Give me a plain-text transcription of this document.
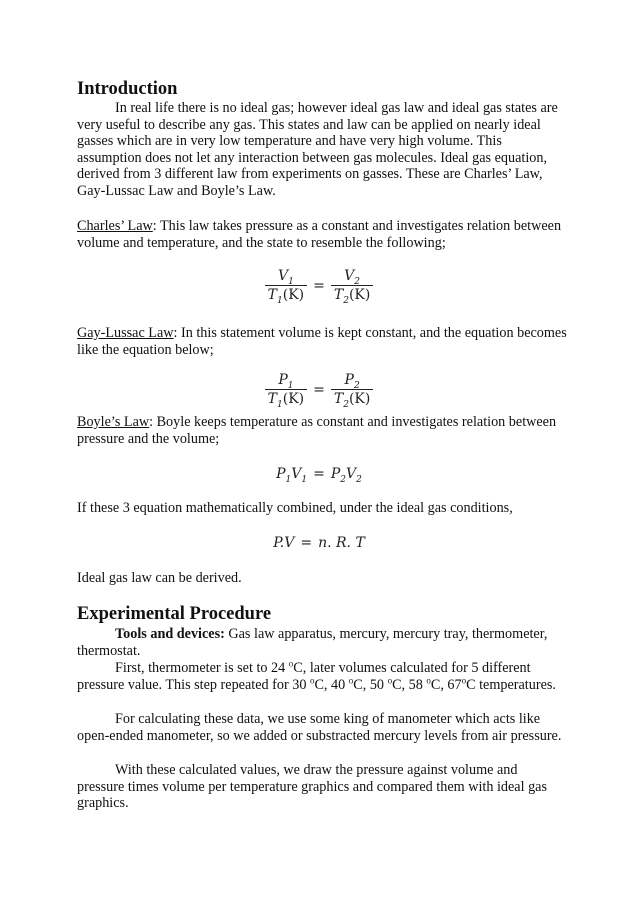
Introduction

In real life there is no ideal gas; however ideal gas law and ideal gas states are very useful to describe any gas. This states and law can be applied on nearly ideal gasses which are in very low temperature and have very high volume. This assumption does not let any interaction between gas molecules. Ideal gas equation, derived from 3 different law from experiments on gasses. These are Charles’ Law, Gay-Lussac Law and Boyle’s Law.

Charles’ Law: This law takes pressure as a constant and investigates relation between volume and temperature, and the state to resemble the following;

$\frac{V_1}{T_1(K)} = \frac{V_2}{T_2(K)}$

Gay-Lussac Law: In this statement volume is kept constant, and the equation becomes like the equation below;

$\frac{P_1}{T_1(K)} = \frac{P_2}{T_2(K)}$

Boyle’s Law: Boyle keeps temperature as constant and investigates relation between pressure and the volume;

$P_1V_1 = P_2V_2$

If these 3 equation mathematically combined, under the ideal gas conditions,

P.V = n. R. T

Ideal gas law can be derived.

Experimental Procedure

Tools and devices: Gas law apparatus, mercury, mercury tray, thermometer, thermostat.

First, thermometer is set to 24 $^o$C, later volumes calculated for 5 different pressure value. This step repeated for 30 $^o$C, 40 $^o$C, 50 $^o$C, 58 $^o$C, 67$^o$C temperatures.

For calculating these data, we use some king of manometer which acts like open-ended manometer, so we added or substracted mercury levels from air pressure.

With these calculated values, we draw the pressure against volume and pressure times volume per temperature graphics and compared them with ideal gas graphics.
